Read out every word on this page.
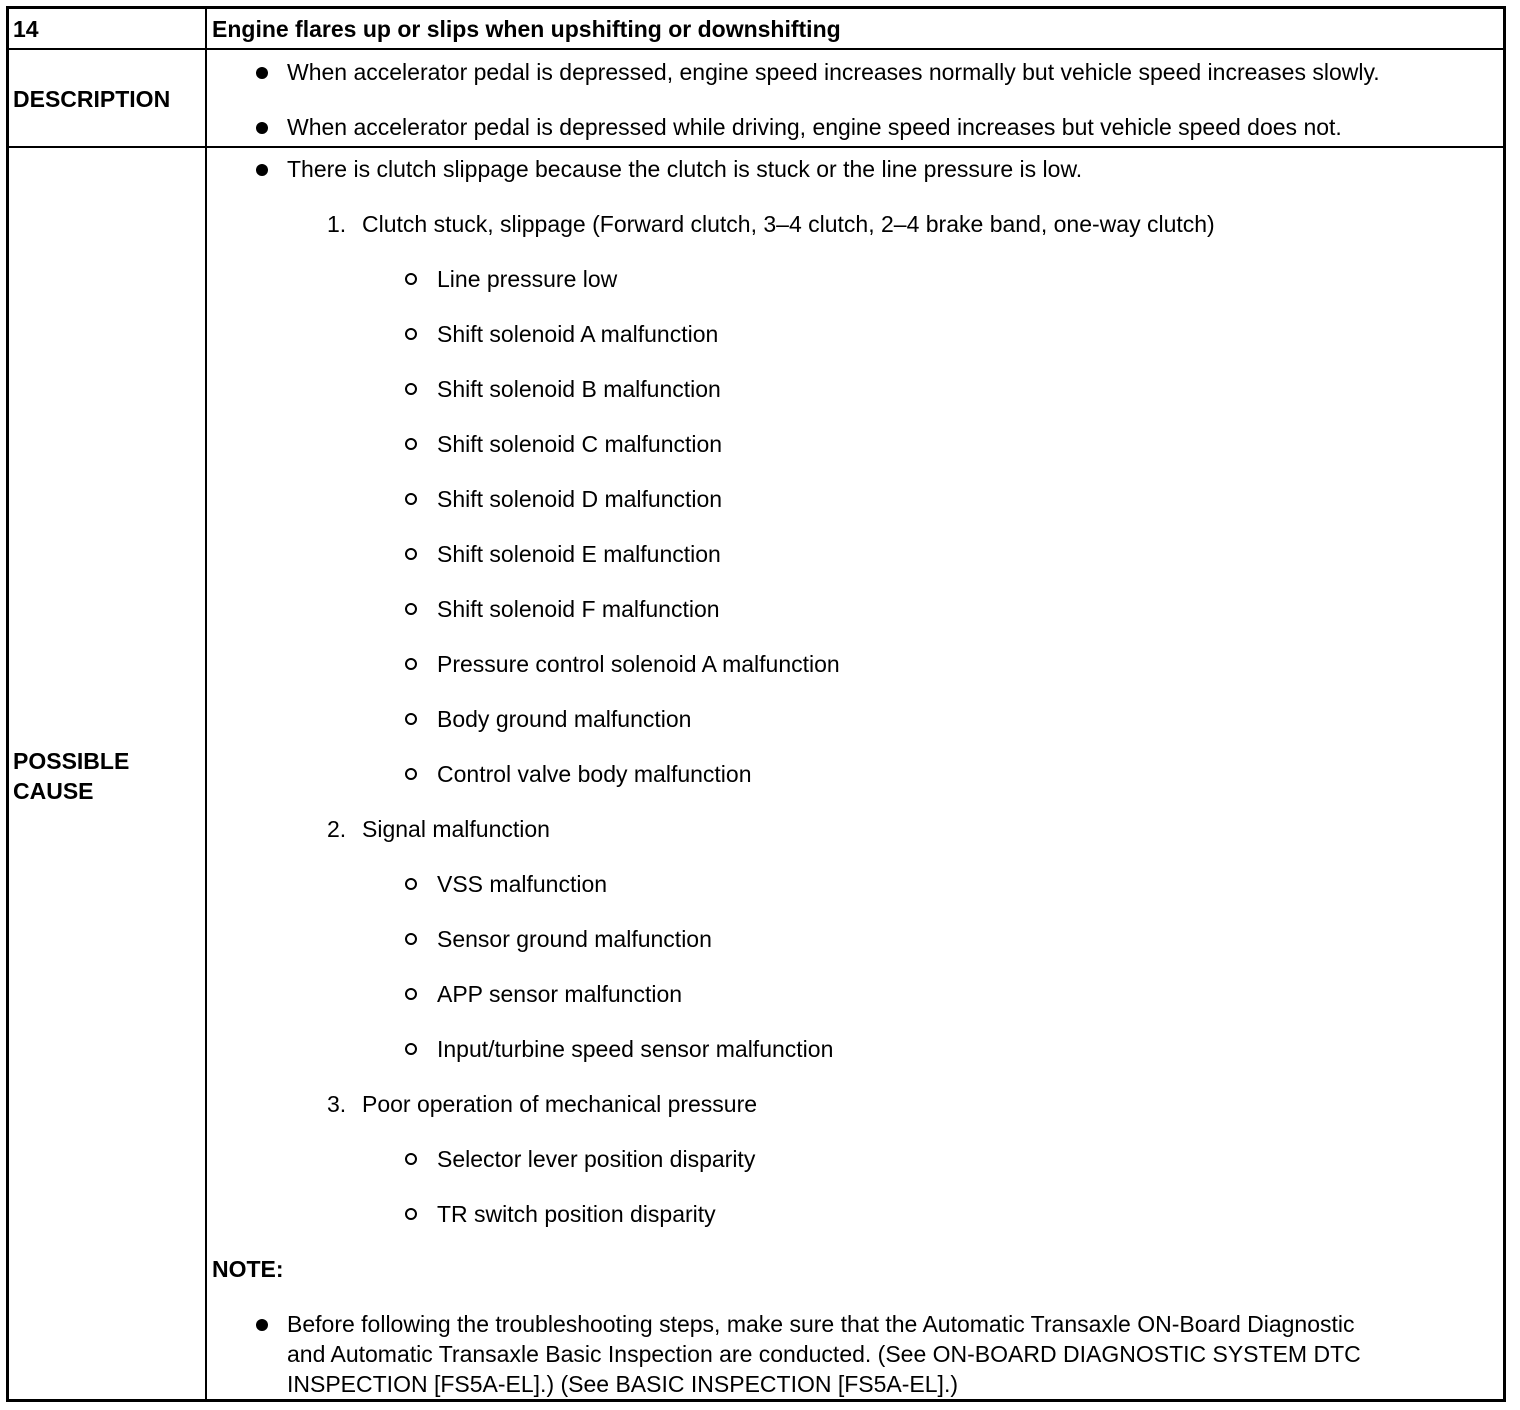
14	Engine flares up or slips when upshifting or downshifting
DESCRIPTION
When accelerator pedal is depressed, engine speed increases normally but vehicle speed increases slowly.
When accelerator pedal is depressed while driving, engine speed increases but vehicle speed does not.
POSSIBLE
CAUSE
There is clutch slippage because the clutch is stuck or the line pressure is low.
1. Clutch stuck, slippage (Forward clutch, 3–4 clutch, 2–4 brake band, one-way clutch)
Line pressure low
Shift solenoid A malfunction
Shift solenoid B malfunction
Shift solenoid C malfunction
Shift solenoid D malfunction
Shift solenoid E malfunction
Shift solenoid F malfunction
Pressure control solenoid A malfunction
Body ground malfunction
Control valve body malfunction
2. Signal malfunction
VSS malfunction
Sensor ground malfunction
APP sensor malfunction
Input/turbine speed sensor malfunction
3. Poor operation of mechanical pressure
Selector lever position disparity
TR switch position disparity
NOTE:
Before following the troubleshooting steps, make sure that the Automatic Transaxle ON-Board Diagnostic
and Automatic Transaxle Basic Inspection are conducted. (See ON-BOARD DIAGNOSTIC SYSTEM DTC
INSPECTION [FS5A-EL].) (See BASIC INSPECTION [FS5A-EL].)
